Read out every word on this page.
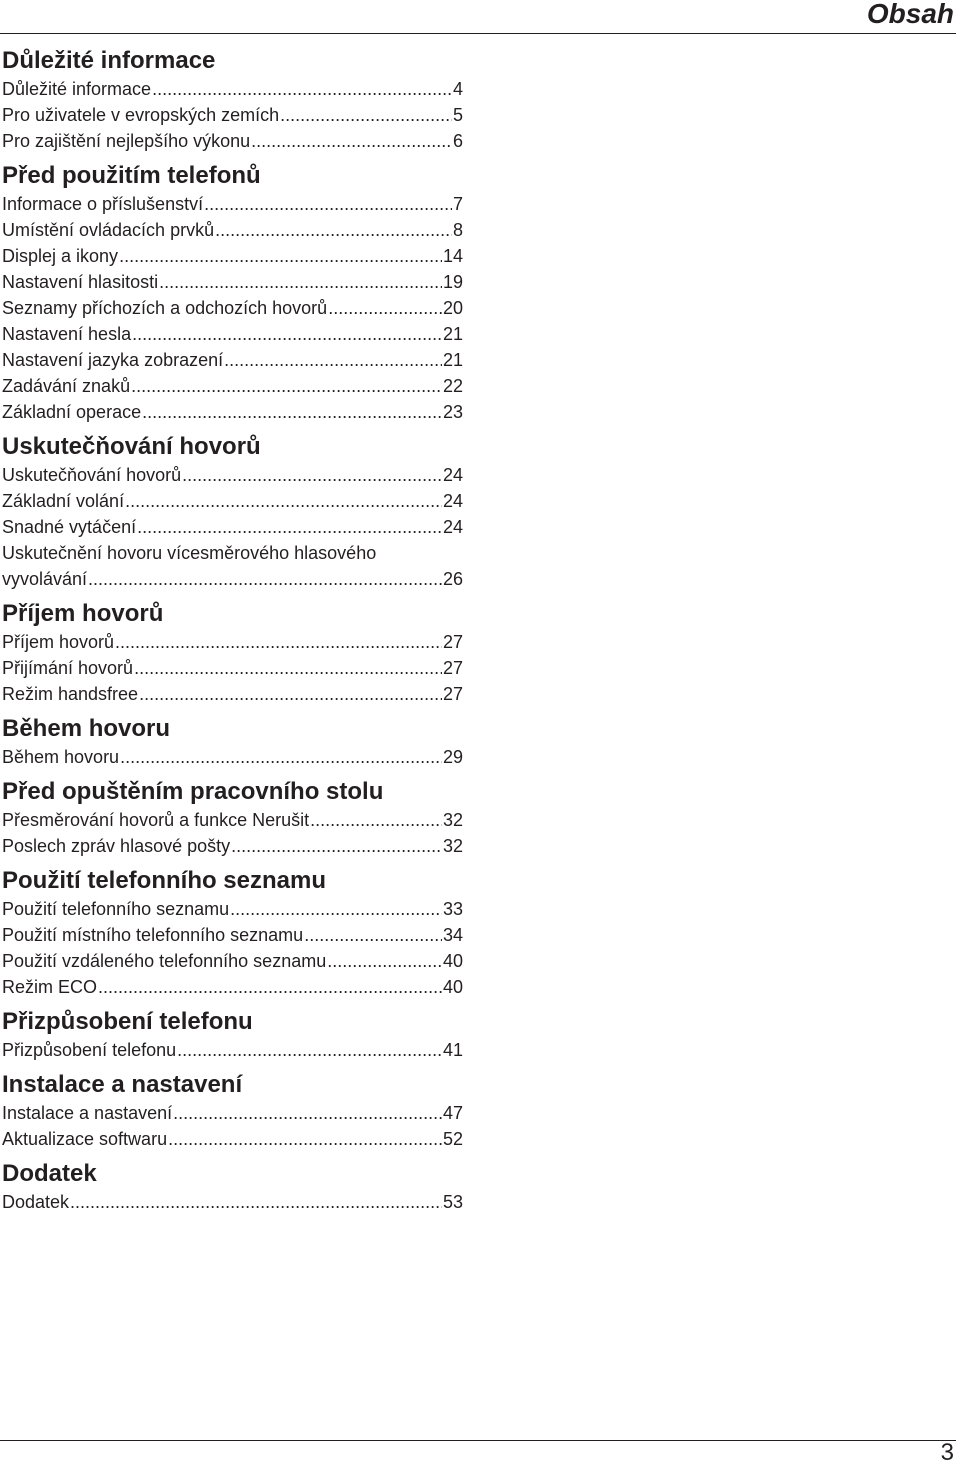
Obsah
Důležité informace
Důležité informace .....	4
Pro uživatele v evropských zemích .....	5
Pro zajištění nejlepšího výkonu .....	6
Před použitím telefonů
Informace o příslušenství .....	7
Umístění ovládacích prvků .....	8
Displej a ikony .....	14
Nastavení hlasitosti .....	19
Seznamy příchozích a odchozích hovorů .....	20
Nastavení hesla .....	21
Nastavení jazyka zobrazení .....	21
Zadávání znaků .....	22
Základní operace .....	23
Uskutečňování hovorů
Uskutečňování hovorů .....	24
Základní volání .....	24
Snadné vytáčení .....	24
Uskutečnění hovoru vícesměrového hlasového
vyvolávání .....	26
Příjem hovorů
Příjem hovorů .....	27
Přijímání hovorů .....	27
Režim handsfree .....	27
Během hovoru
Během hovoru .....	29
Před opuštěním pracovního stolu
Přesměrování hovorů a funkce Nerušit .....	32
Poslech zpráv hlasové pošty .....	32
Použití telefonního seznamu
Použití telefonního seznamu .....	33
Použití místního telefonního seznamu .....	34
Použití vzdáleného telefonního seznamu .....	40
Režim ECO .....	40
Přizpůsobení telefonu
Přizpůsobení telefonu .....	41
Instalace a nastavení
Instalace a nastavení .....	47
Aktualizace softwaru .....	52
Dodatek
Dodatek .....	53
3
